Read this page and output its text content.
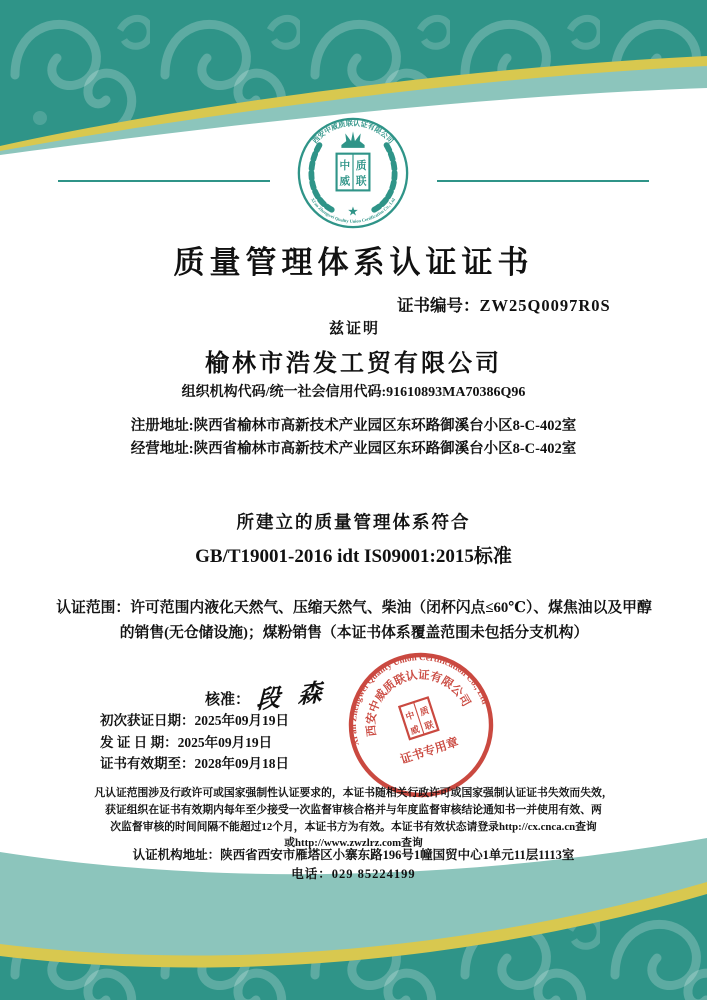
西安中威质联认证有限公司
Xi'an Zhongwei Quality Union Certification Co., Ltd
中
威
质
联
★
质量管理体系认证证书
证书编号：ZW25Q0097R0S
兹证明
榆林市浩发工贸有限公司
组织机构代码/统一社会信用代码:91610893MA70386Q96
注册地址:陕西省榆林市高新技术产业园区东环路御溪台小区8-C-402室
经营地址:陕西省榆林市高新技术产业园区东环路御溪台小区8-C-402室
所建立的质量管理体系符合
GB/T19001-2016 idt IS09001:2015标准
认证范围：许可范围内液化天然气、压缩天然气、柴油（闭杯闪点≤60℃）、煤焦油以及甲醇的销售(无仓储设施)；煤粉销售（本证书体系覆盖范围未包括分支机构）
核准： 段 森
初次获证日期：2025年09月19日
发 证 日 期：2025年09月19日
证书有效期至：2028年09月18日
Xi'an Zhengwei Quality Union Certification Co., Ltd
西安中威质联认证有限公司
中
威
质
联
证书专用章
凡认证范围涉及行政许可或国家强制性认证要求的，本证书随相关行政许可或国家强制认证证书失效而失效，
获证组织在证书有效期内每年至少接受一次监督审核合格并与年度监督审核结论通知书一并使用有效、两
次监督审核的时间间隔不能超过12个月，本证书方为有效。本证书有效状态请登录http://cx.cnca.cn查询
或http://www.zwzlrz.com查询
认证机构地址：陕西省西安市雁塔区小寨东路196号1幢国贸中心1单元11层1113室
电话：029 85224199
